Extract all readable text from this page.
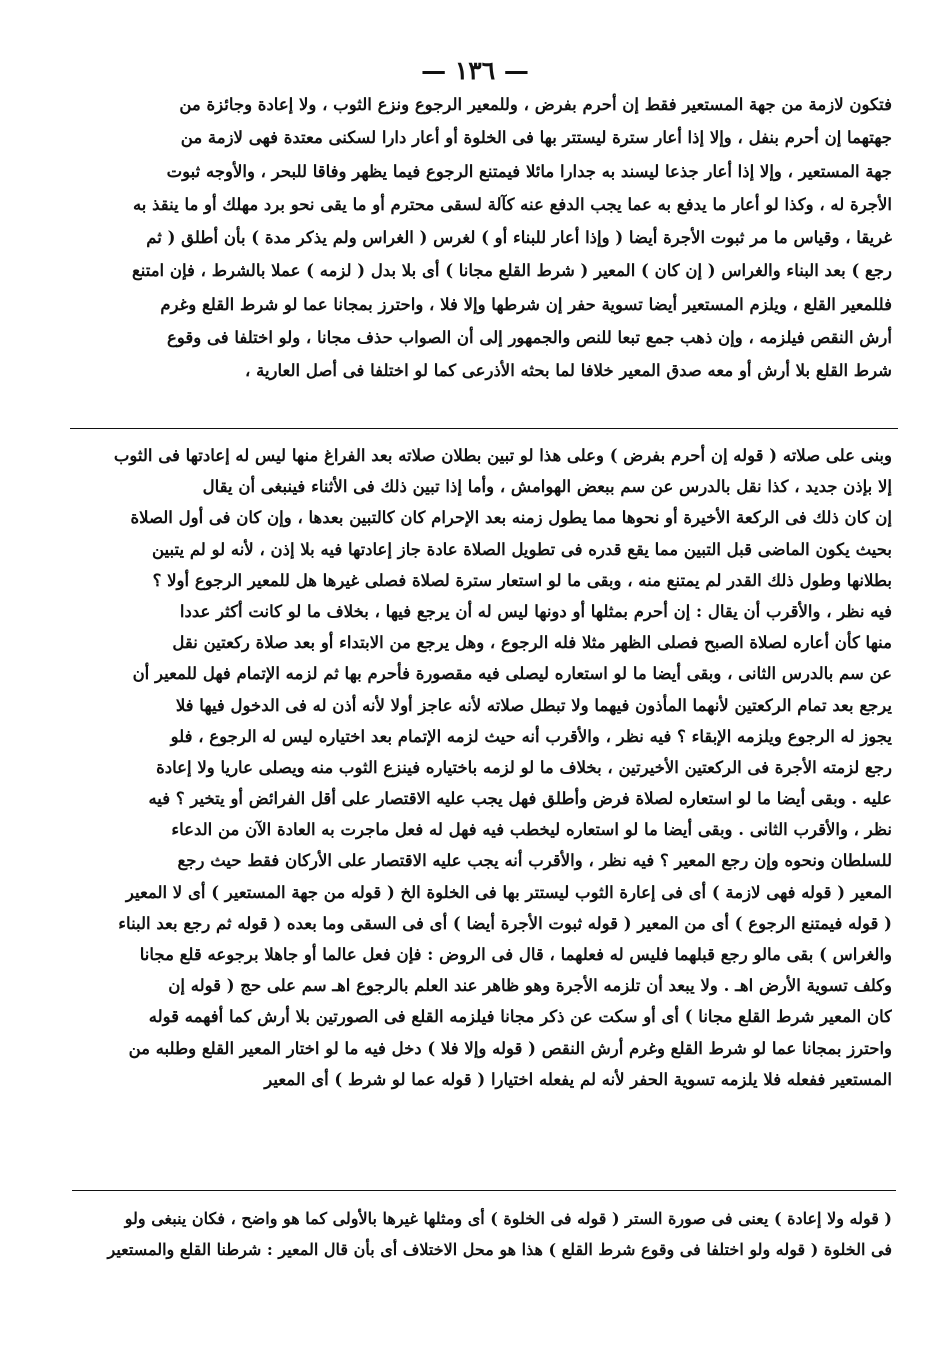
— ١٣٦ —
فتكون لازمة من جهة المستعير فقط إن أحرم بفرض ، وللمعير الرجوع ونزع الثوب ، ولا إعادة وجائزة من
جهتهما إن أحرم بنفل ، وإلا إذا أعار سترة ليستتر بها فى الخلوة أو أعار دارا لسكنى معتدة فهى لازمة من
جهة المستعير ، وإلا إذا أعار جذعا ليسند به جدارا مائلا فيمتنع الرجوع فيما يظهر وفاقا للبحر ، والأوجه ثبوت
الأجرة له ، وكذا لو أعار ما يدفع به عما يجب الدفع عنه كآلة لسقى محترم أو ما يقى نحو برد مهلك أو ما ينقذ به
غريقا ، وقياس ما مر ثبوت الأجرة أيضا ( وإذا أعار للبناء أو ) لغرس ( الغراس ولم يذكر مدة ) بأن أطلق ( ثم
رجع ) بعد البناء والغراس ( إن كان ) المعير ( شرط القلع مجانا ) أى بلا بدل ( لزمه ) عملا بالشرط ، فإن امتنع
فللمعير القلع ، ويلزم المستعير أيضا تسوية حفر إن شرطها وإلا فلا ، واحترز بمجانا عما لو شرط القلع وغرم
أرش النقص فيلزمه ، وإن ذهب جمع تبعا للنص والجمهور إلى أن الصواب حذف مجانا ، ولو اختلفا فى وقوع
شرط القلع بلا أرش أو معه صدق المعير خلافا لما بحثه الأذرعى كما لو اختلفا فى أصل العارية ،
وبنى على صلاته ( قوله إن أحرم بفرض ) وعلى هذا لو تبين بطلان صلاته بعد الفراغ منها ليس له إعادتها فى الثوب
إلا بإذن جديد ، كذا نقل بالدرس عن سم ببعض الهوامش ، وأما إذا تبين ذلك فى الأثناء فينبغى أن يقال
إن كان ذلك فى الركعة الأخيرة أو نحوها مما يطول زمنه بعد الإحرام كان كالتبين بعدها ، وإن كان فى أول الصلاة
بحيث يكون الماضى قبل التبين مما يقع قدره فى تطويل الصلاة عادة جاز إعادتها فيه بلا إذن ، لأنه لو لم يتبين
بطلانها وطول ذلك القدر لم يمتنع منه ، وبقى ما لو استعار سترة لصلاة فصلى غيرها هل للمعير الرجوع أولا ؟
فيه نظر ، والأقرب أن يقال : إن أحرم بمثلها أو دونها ليس له أن يرجع فيها ، بخلاف ما لو كانت أكثر عددا
منها كأن أعاره لصلاة الصبح فصلى الظهر مثلا فله الرجوع ، وهل يرجع من الابتداء أو بعد صلاة ركعتين نقل
عن سم بالدرس الثانى ، وبقى أيضا ما لو استعاره ليصلى فيه مقصورة فأحرم بها ثم لزمه الإتمام فهل للمعير أن
يرجع بعد تمام الركعتين لأنهما المأذون فيهما ولا تبطل صلاته لأنه عاجز أولا لأنه أذن له فى الدخول فيها فلا
يجوز له الرجوع ويلزمه الإبقاء ؟ فيه نظر ، والأقرب أنه حيث لزمه الإتمام بعد اختياره ليس له الرجوع ، فلو
رجع لزمته الأجرة فى الركعتين الأخيرتين ، بخلاف ما لو لزمه باختياره فينزع الثوب منه ويصلى عاريا ولا إعادة
عليه . وبقى أيضا ما لو استعاره لصلاة فرض وأطلق فهل يجب عليه الاقتصار على أقل الفرائض أو يتخير ؟ فيه
نظر ، والأقرب الثانى . وبقى أيضا ما لو استعاره ليخطب فيه فهل له فعل ماجرت به العادة الآن من الدعاء
للسلطان ونحوه وإن رجع المعير ؟ فيه نظر ، والأقرب أنه يجب عليه الاقتصار على الأركان فقط حيث رجع
المعير ( قوله فهى لازمة ) أى فى إعارة الثوب ليستتر بها فى الخلوة الخ ( قوله من جهة المستعير ) أى لا المعير
( قوله فيمتنع الرجوع ) أى من المعير ( قوله ثبوت الأجرة أيضا ) أى فى السقى وما بعده ( قوله ثم رجع بعد البناء
والغراس ) بقى مالو رجع قبلهما فليس له فعلهما ، قال فى الروض : فإن فعل عالما أو جاهلا برجوعه قلع مجانا
وكلف تسوية الأرض اهـ . ولا يبعد أن تلزمه الأجرة وهو ظاهر عند العلم بالرجوع اهـ سم على حج ( قوله إن
كان المعير شرط القلع مجانا ) أى أو سكت عن ذكر مجانا فيلزمه القلع فى الصورتين بلا أرش كما أفهمه قوله
واحترز بمجانا عما لو شرط القلع وغرم أرش النقص ( قوله وإلا فلا ) دخل فيه ما لو اختار المعير القلع وطلبه من
المستعير ففعله فلا يلزمه تسوية الحفر لأنه لم يفعله اختيارا ( قوله عما لو شرط ) أى المعير
( قوله ولا إعادة ) يعنى فى صورة الستر ( قوله فى الخلوة ) أى ومثلها غيرها بالأولى كما هو واضح ، فكان ينبغى ولو
فى الخلوة ( قوله ولو اختلفا فى وقوع شرط القلع ) هذا هو محل الاختلاف أى بأن قال المعير : شرطنا القلع والمستعير
